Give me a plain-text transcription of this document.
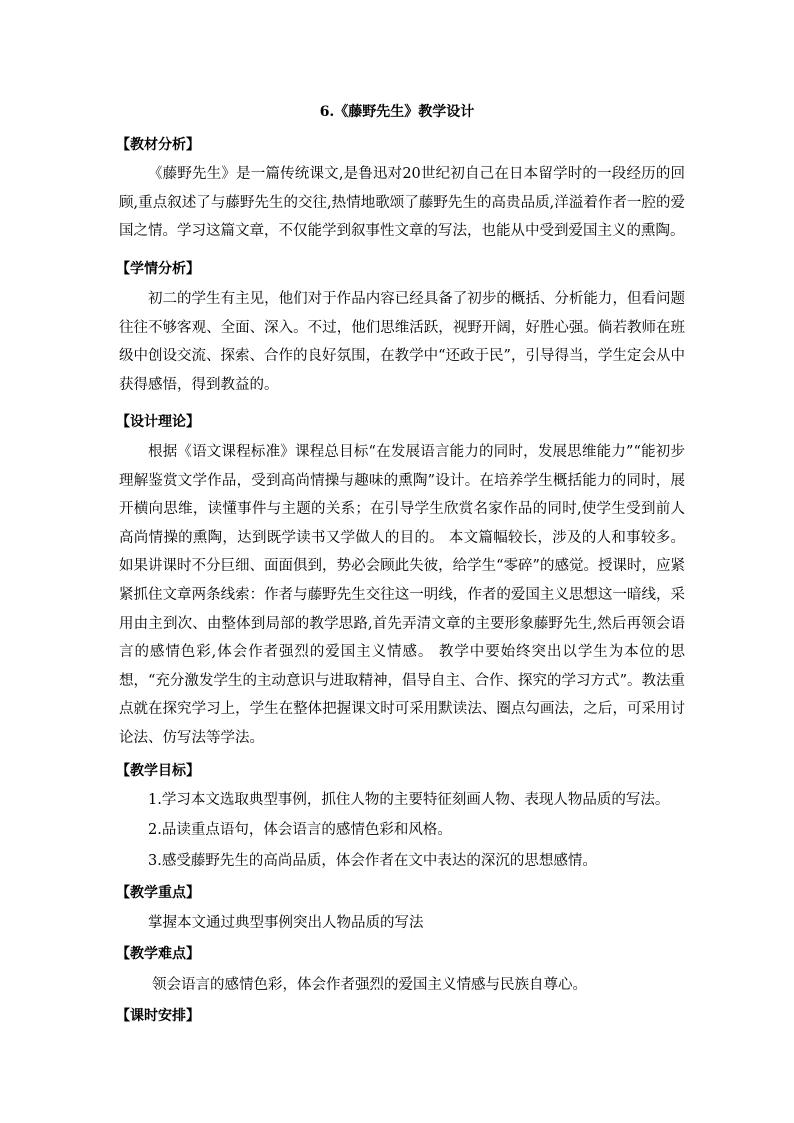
6.《藤野先生》教学设计
【教材分析】

《藤野先生》是一篇传统课文,是鲁迅对20世纪初自己在日本留学时的一段经历的回顾,重点叙述了与藤野先生的交往,热情地歌颂了藤野先生的高贵品质,洋溢着作者一腔的爱国之情。学习这篇文章，不仅能学到叙事性文章的写法，也能从中受到爱国主义的熏陶。

【学情分析】

初二的学生有主见，他们对于作品内容已经具备了初步的概括、分析能力，但看问题往往不够客观、全面、深入。不过，他们思维活跃，视野开阔，好胜心强。倘若教师在班级中创设交流、探索、合作的良好氛围，在教学中“还政于民”，引导得当，学生定会从中获得感悟，得到教益的。

【设计理论】

根据《语文课程标准》课程总目标“在发展语言能力的同时，发展思维能力”“能初步理解鉴赏文学作品，受到高尚情操与趣味的熏陶”设计。在培养学生概括能力的同时，展开横向思维，读懂事件与主题的关系；在引导学生欣赏名家作品的同时,使学生受到前人高尚情操的熏陶，达到既学读书又学做人的目的。 本文篇幅较长，涉及的人和事较多。如果讲课时不分巨细、面面俱到，势必会顾此失彼，给学生“零碎”的感觉。授课时，应紧紧抓住文章两条线索：作者与藤野先生交往这一明线，作者的爱国主义思想这一暗线，采用由主到次、由整体到局部的教学思路,首先弄清文章的主要形象藤野先生,然后再领会语言的感情色彩,体会作者强烈的爱国主义情感。 教学中要始终突出以学生为本位的思想，“充分激发学生的主动意识与进取精神，倡导自主、合作、探究的学习方式”。教法重点就在探究学习上，学生在整体把握课文时可采用默读法、圈点勾画法，之后，可采用讨论法、仿写法等学法。

【教学目标】
1.学习本文选取典型事例，抓住人物的主要特征刻画人物、表现人物品质的写法。
2.品读重点语句，体会语言的感情色彩和风格。
3.感受藤野先生的高尚品质，体会作者在文中表达的深沉的思想感情。
【教学重点】
掌握本文通过典型事例突出人物品质的写法
【教学难点】
领会语言的感情色彩，体会作者强烈的爱国主义情感与民族自尊心。
【课时安排】
